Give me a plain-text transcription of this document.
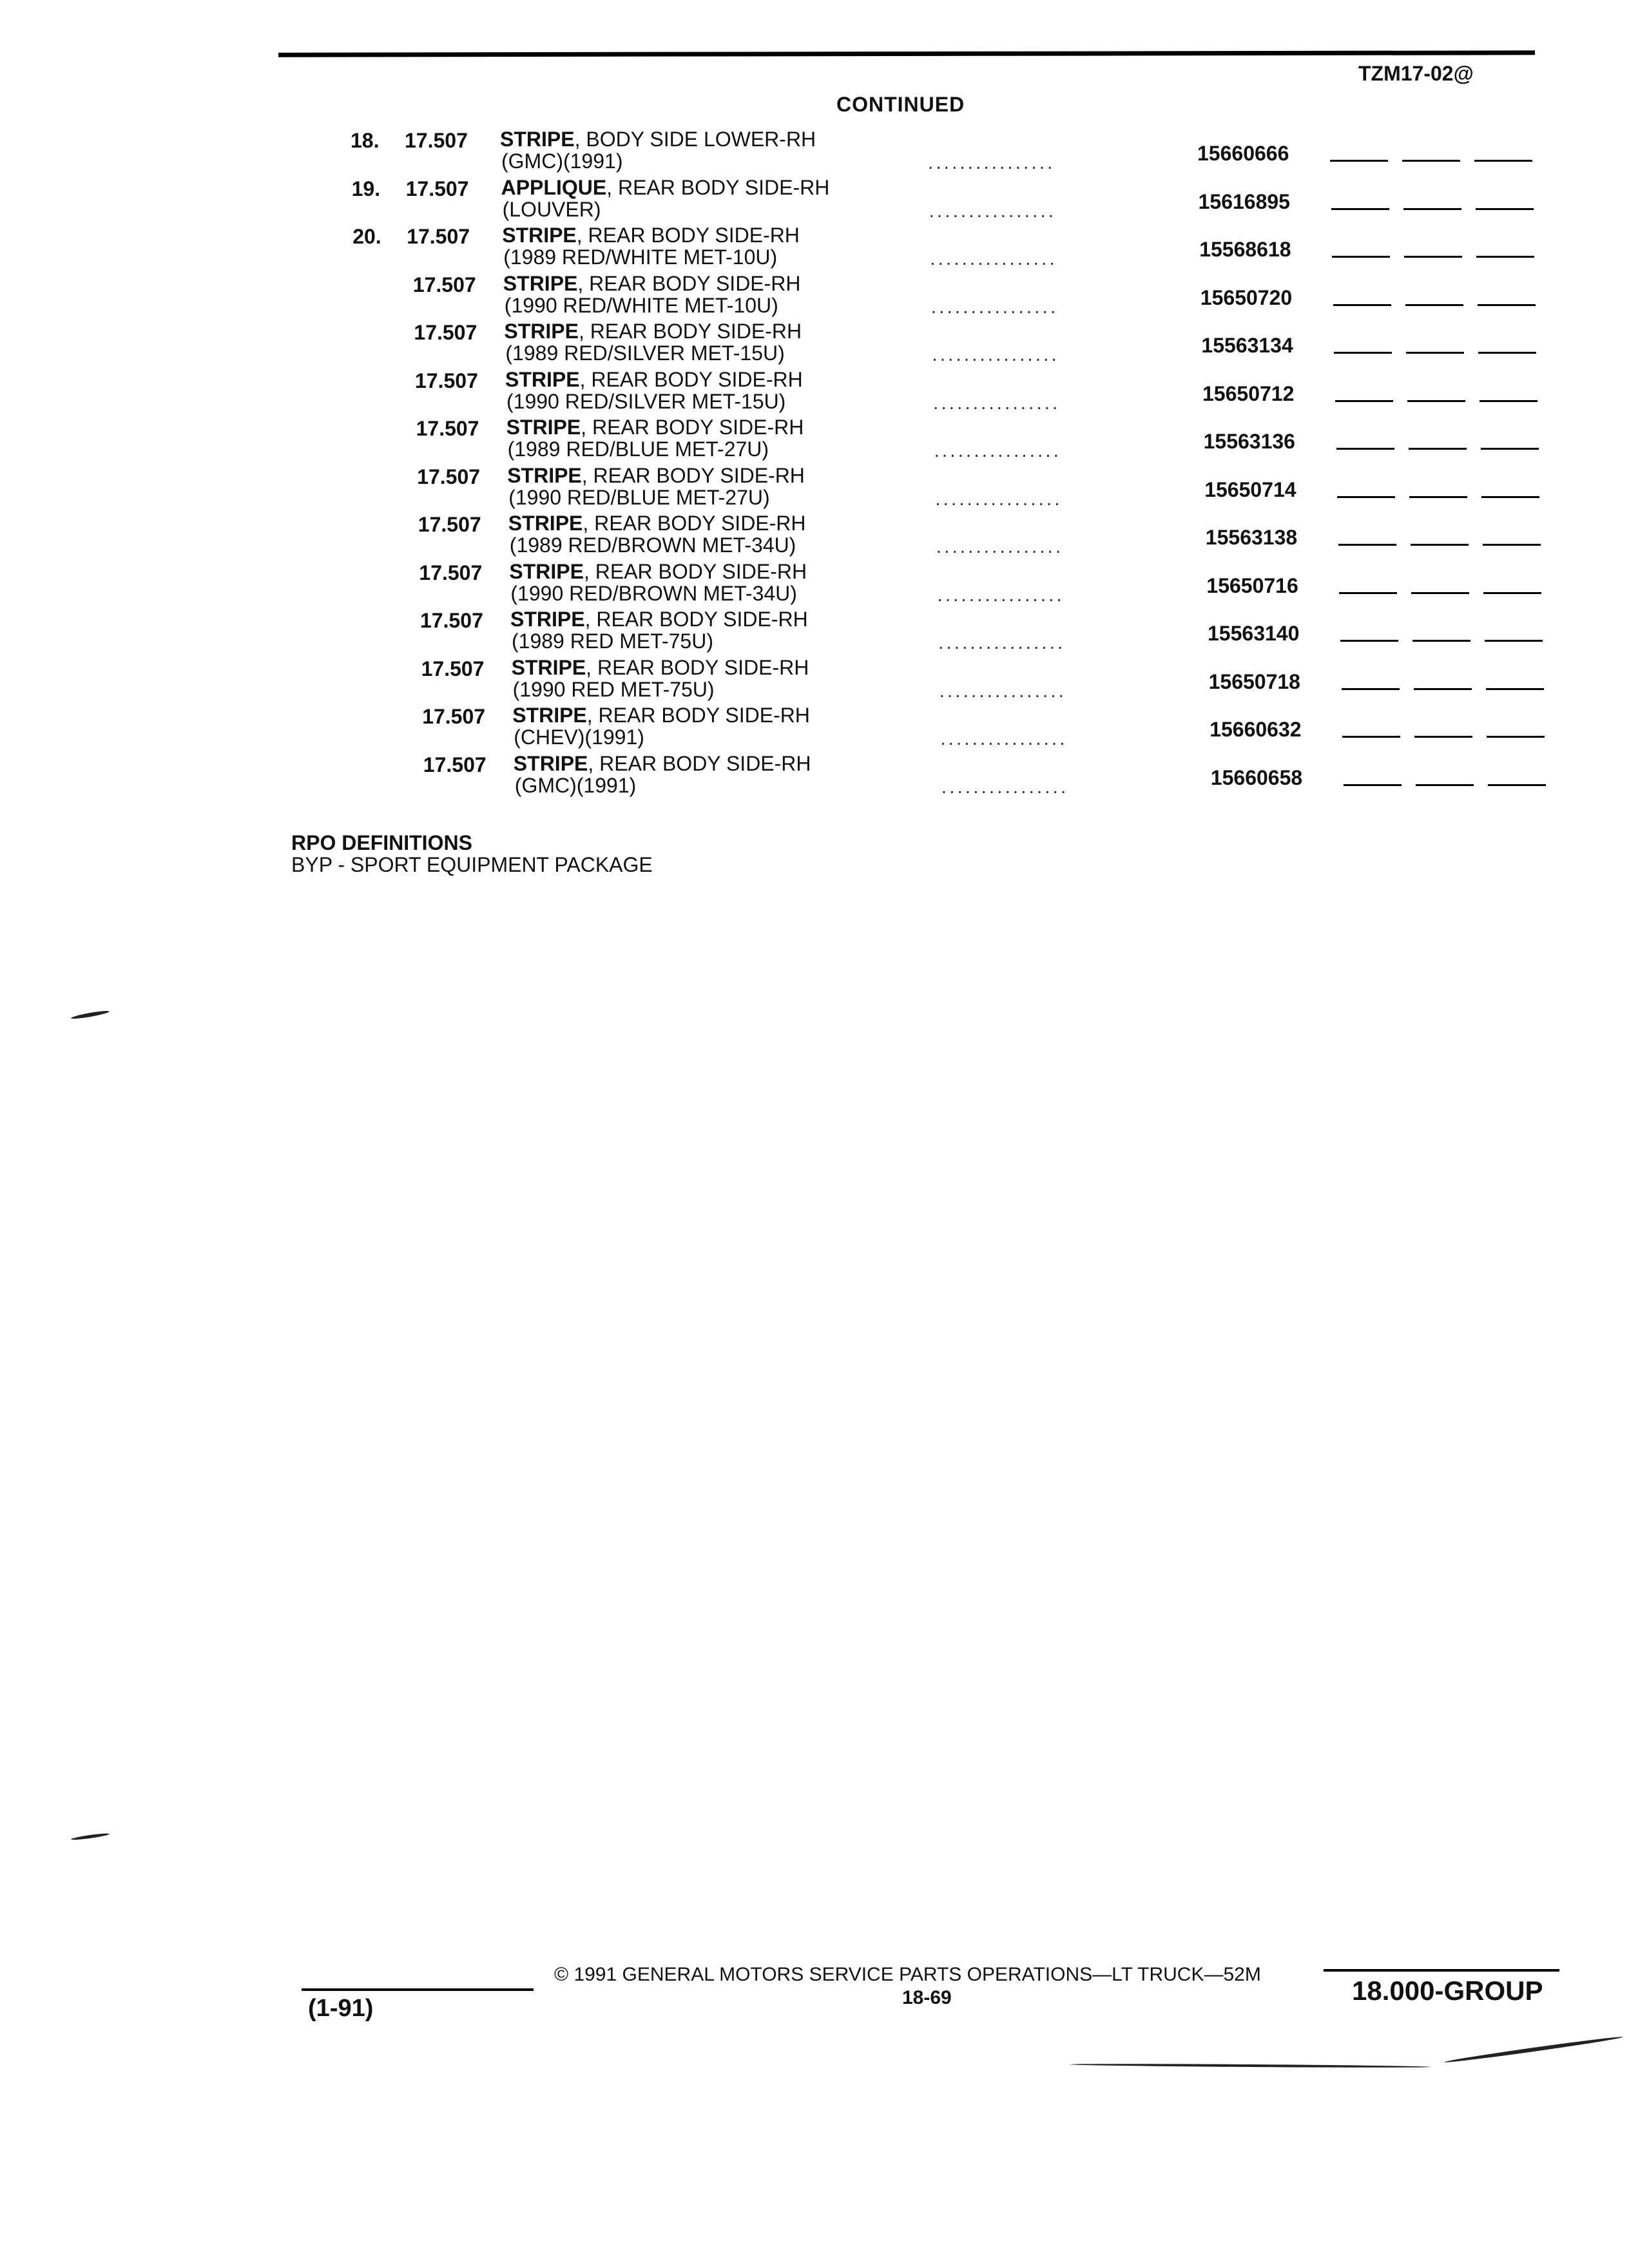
TZM17-02@
CONTINUED
18. 17.507 STRIPE, BODY SIDE LOWER-RH
(GMC)(1991)	................	15660666
19. 17.507 APPLIQUE, REAR BODY SIDE-RH
(LOUVER)	................	15616895
20. 17.507 STRIPE, REAR BODY SIDE-RH
(1989 RED/WHITE MET-10U)	................	15568618
17.507 STRIPE, REAR BODY SIDE-RH
(1990 RED/WHITE MET-10U)	................	15650720
17.507 STRIPE, REAR BODY SIDE-RH
(1989 RED/SILVER MET-15U)	................	15563134
17.507 STRIPE, REAR BODY SIDE-RH
(1990 RED/SILVER MET-15U)	................	15650712
17.507 STRIPE, REAR BODY SIDE-RH
(1989 RED/BLUE MET-27U)	................	15563136
17.507 STRIPE, REAR BODY SIDE-RH
(1990 RED/BLUE MET-27U)	................	15650714
17.507 STRIPE, REAR BODY SIDE-RH
(1989 RED/BROWN MET-34U)	................	15563138
17.507 STRIPE, REAR BODY SIDE-RH
(1990 RED/BROWN MET-34U)	................	15650716
17.507 STRIPE, REAR BODY SIDE-RH
(1989 RED MET-75U)	................	15563140
17.507 STRIPE, REAR BODY SIDE-RH
(1990 RED MET-75U)	................	15650718
17.507 STRIPE, REAR BODY SIDE-RH
(CHEV)(1991)	................	15660632
17.507 STRIPE, REAR BODY SIDE-RH
(GMC)(1991)	................	15660658
RPO DEFINITIONS
BYP - SPORT EQUIPMENT PACKAGE
© 1991 GENERAL MOTORS SERVICE PARTS OPERATIONS—LT TRUCK—52M
18-69
(1-91)
18.000-GROUP
